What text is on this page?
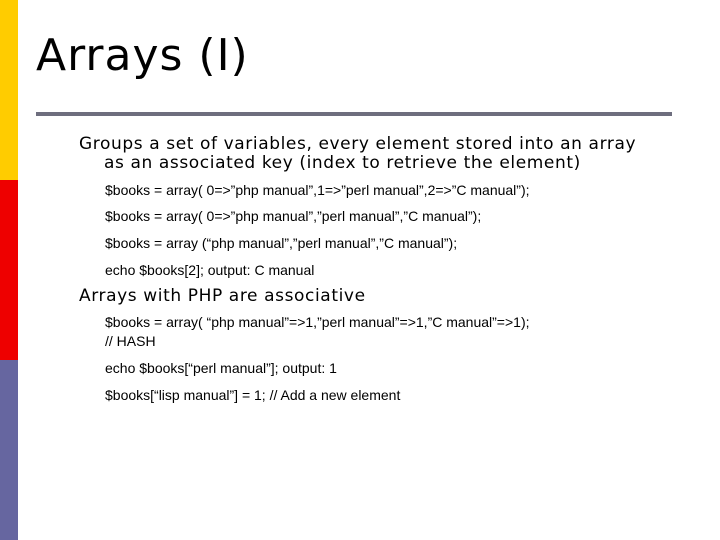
Arrays (I)
Groups a set of variables, every element stored into an array
as an associated key (index to retrieve the element)
$books = array( 0=>”php manual”,1=>”perl manual”,2=>”C manual”);
$books = array( 0=>”php manual”,”perl manual”,”C manual”);
$books = array (“php manual”,”perl manual”,”C manual”);
echo $books[2]; output: C manual
Arrays with PHP are associative
$books = array( “php manual”=>1,”perl manual”=>1,”C manual”=>1);
// HASH
echo $books[“perl manual”]; output: 1
$books[“lisp manual”] = 1; // Add a new element
